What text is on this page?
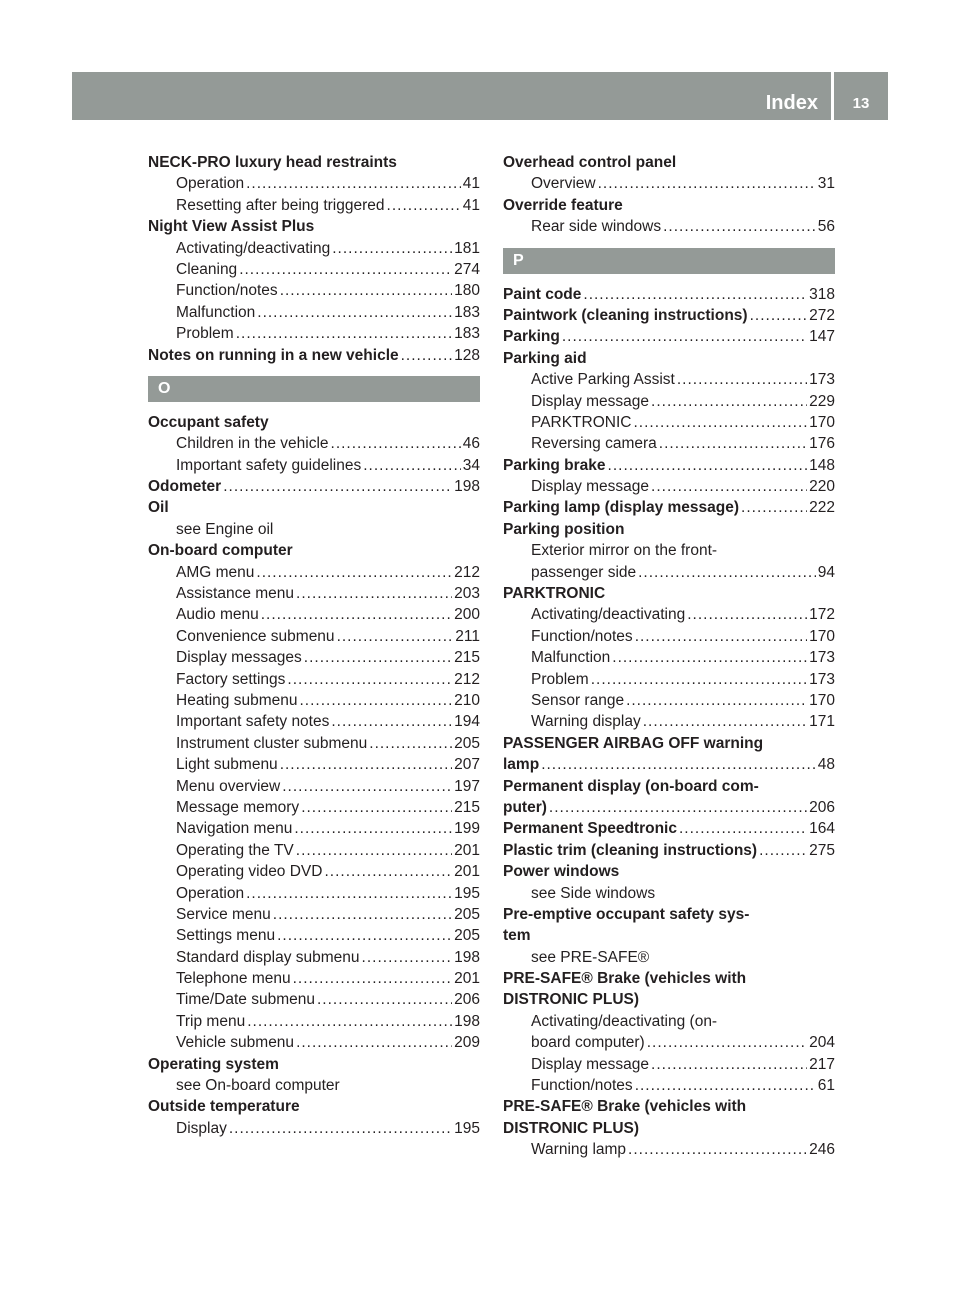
Index	13
NECK-PRO luxury head restraints
Operation .....	41
Resetting after being triggered .....	41
Night View Assist Plus
Activating/deactivating .....	181
Cleaning .....	274
Function/notes .....	180
Malfunction .....	183
Problem .....	183
Notes on running in a new vehicle .....	128
O
Occupant safety
Children in the vehicle .....	46
Important safety guidelines .....	34
Odometer .....	198
Oil
see Engine oil
On-board computer
AMG menu .....	212
Assistance menu .....	203
Audio menu .....	200
Convenience submenu .....	211
Display messages .....	215
Factory settings .....	212
Heating submenu .....	210
Important safety notes .....	194
Instrument cluster submenu .....	205
Light submenu .....	207
Menu overview .....	197
Message memory .....	215
Navigation menu .....	199
Operating the TV .....	201
Operating video DVD .....	201
Operation .....	195
Service menu .....	205
Settings menu .....	205
Standard display submenu .....	198
Telephone menu .....	201
Time/Date submenu .....	206
Trip menu .....	198
Vehicle submenu .....	209
Operating system
see On-board computer
Outside temperature
Display .....	195
Overhead control panel
Overview .....	31
Override feature
Rear side windows .....	56
P
Paint code .....	318
Paintwork (cleaning instructions) .....	272
Parking .....	147
Parking aid
Active Parking Assist .....	173
Display message .....	229
PARKTRONIC .....	170
Reversing camera .....	176
Parking brake .....	148
Display message .....	220
Parking lamp (display message) .....	222
Parking position
Exterior mirror on the front-
passenger side .....	94
PARKTRONIC
Activating/deactivating .....	172
Function/notes .....	170
Malfunction .....	173
Problem .....	173
Sensor range .....	170
Warning display .....	171
PASSENGER AIRBAG OFF warning
lamp .....	48
Permanent display (on-board com-
puter) .....	206
Permanent Speedtronic .....	164
Plastic trim (cleaning instructions) .....	275
Power windows
see Side windows
Pre-emptive occupant safety sys-
tem
see PRE-SAFE®
PRE-SAFE® Brake (vehicles with
DISTRONIC PLUS)
Activating/deactivating (on-
board computer) .....	204
Display message .....	217
Function/notes .....	61
PRE-SAFE® Brake (vehicles with
DISTRONIC PLUS)
Warning lamp .....	246
